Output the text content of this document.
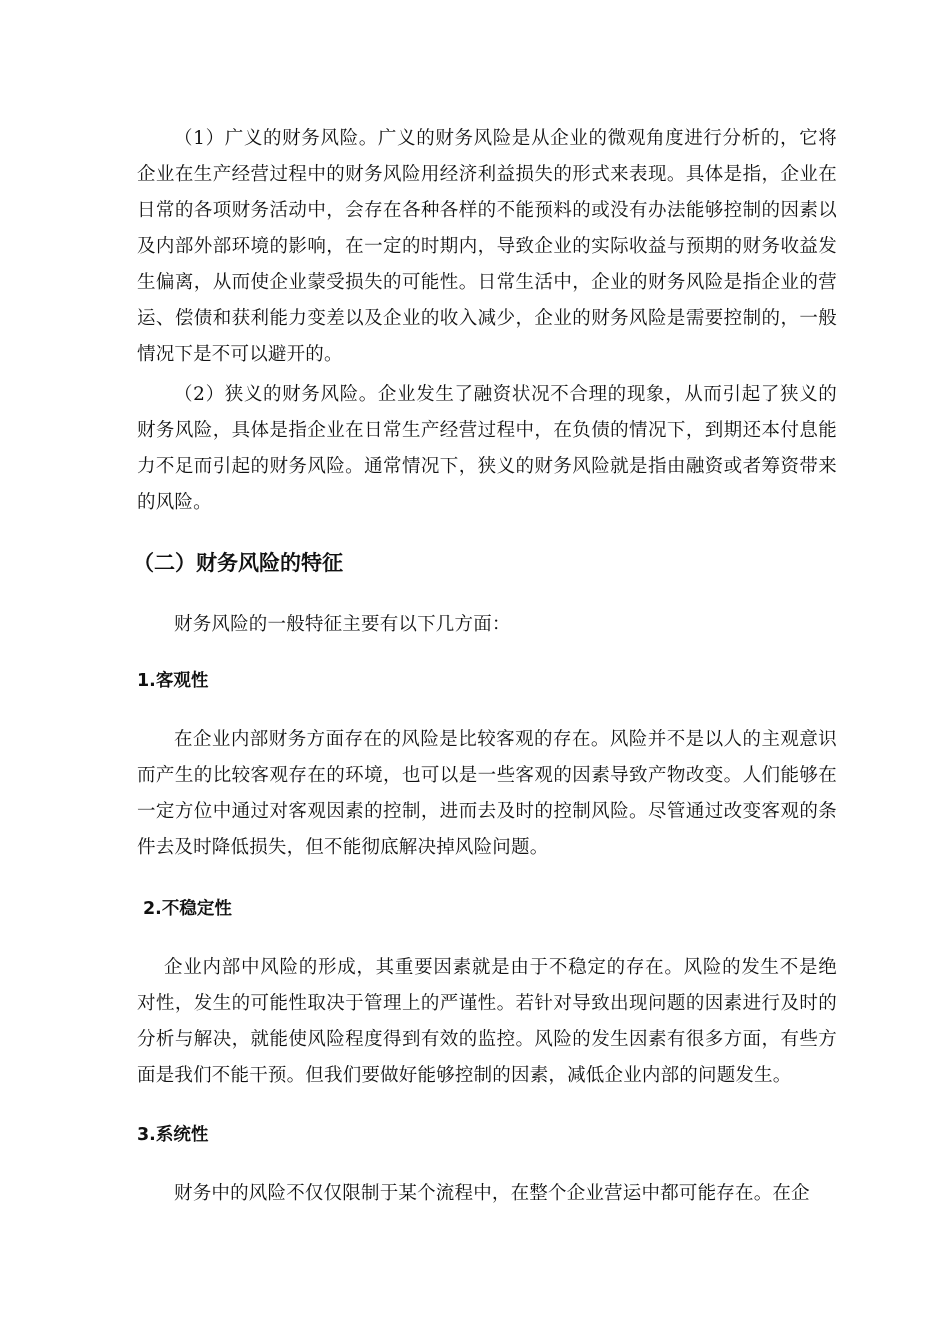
（1）广义的财务风险。广义的财务风险是从企业的微观角度进行分析的，它将企业在生产经营过程中的财务风险用经济利益损失的形式来表现。具体是指，企业在日常的各项财务活动中，会存在各种各样的不能预料的或没有办法能够控制的因素以及内部外部环境的影响，在一定的时期内，导致企业的实际收益与预期的财务收益发生偏离，从而使企业蒙受损失的可能性。日常生活中，企业的财务风险是指企业的营运、偿债和获利能力变差以及企业的收入减少，企业的财务风险是需要控制的，一般情况下是不可以避开的。

（2）狭义的财务风险。企业发生了融资状况不合理的现象，从而引起了狭义的财务风险，具体是指企业在日常生产经营过程中，在负债的情况下，到期还本付息能力不足而引起的财务风险。通常情况下，狭义的财务风险就是指由融资或者筹资带来的风险。

（二）财务风险的特征

财务风险的一般特征主要有以下几方面：

1.客观性

在企业内部财务方面存在的风险是比较客观的存在。风险并不是以人的主观意识而产生的比较客观存在的环境，也可以是一些客观的因素导致产物改变。人们能够在一定方位中通过对客观因素的控制，进而去及时的控制风险。尽管通过改变客观的条件去及时降低损失，但不能彻底解决掉风险问题。

2.不稳定性

企业内部中风险的形成，其重要因素就是由于不稳定的存在。风险的发生不是绝对性，发生的可能性取决于管理上的严谨性。若针对导致出现问题的因素进行及时的分析与解决，就能使风险程度得到有效的监控。风险的发生因素有很多方面，有些方面是我们不能干预。但我们要做好能够控制的因素，减低企业内部的问题发生。

3.系统性

财务中的风险不仅仅限制于某个流程中，在整个企业营运中都可能存在。在企
